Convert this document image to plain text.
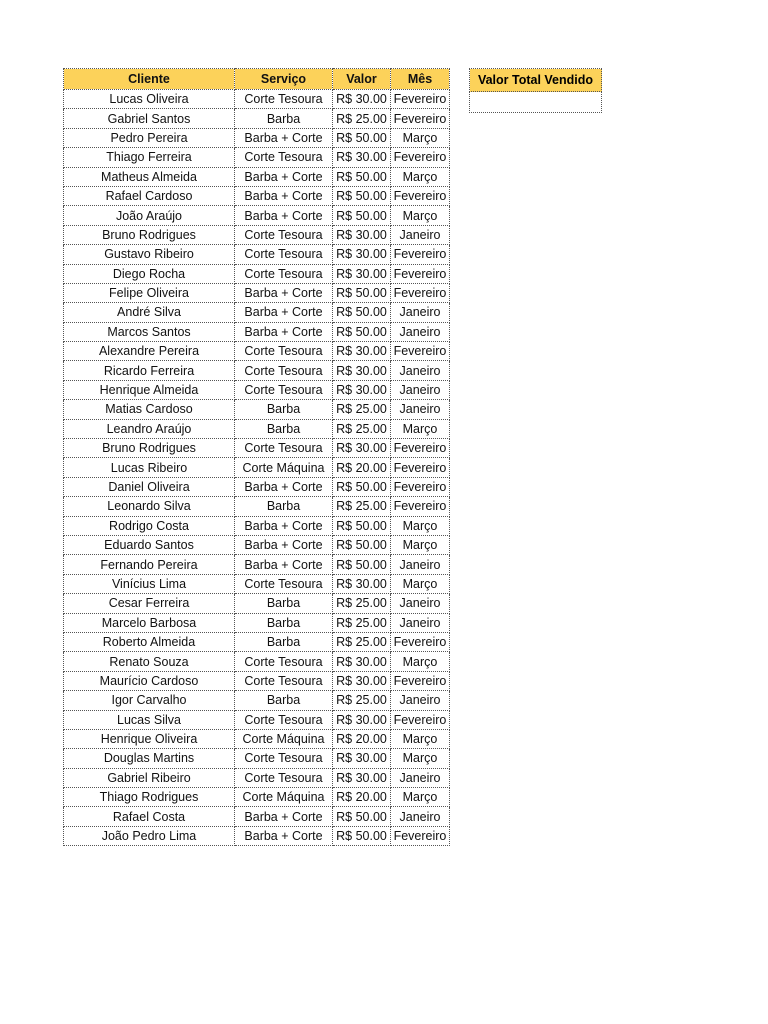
Cliente	Serviço	Valor	Mês
Lucas Oliveira	Corte Tesoura	R$ 30.00	Fevereiro
Gabriel Santos	Barba	R$ 25.00	Fevereiro
Pedro Pereira	Barba + Corte	R$ 50.00	Março
Thiago Ferreira	Corte Tesoura	R$ 30.00	Fevereiro
Matheus Almeida	Barba + Corte	R$ 50.00	Março
Rafael Cardoso	Barba + Corte	R$ 50.00	Fevereiro
João Araújo	Barba + Corte	R$ 50.00	Março
Bruno Rodrigues	Corte Tesoura	R$ 30.00	Janeiro
Gustavo Ribeiro	Corte Tesoura	R$ 30.00	Fevereiro
Diego Rocha	Corte Tesoura	R$ 30.00	Fevereiro
Felipe Oliveira	Barba + Corte	R$ 50.00	Fevereiro
André Silva	Barba + Corte	R$ 50.00	Janeiro
Marcos Santos	Barba + Corte	R$ 50.00	Janeiro
Alexandre Pereira	Corte Tesoura	R$ 30.00	Fevereiro
Ricardo Ferreira	Corte Tesoura	R$ 30.00	Janeiro
Henrique Almeida	Corte Tesoura	R$ 30.00	Janeiro
Matias Cardoso	Barba	R$ 25.00	Janeiro
Leandro Araújo	Barba	R$ 25.00	Março
Bruno Rodrigues	Corte Tesoura	R$ 30.00	Fevereiro
Lucas Ribeiro	Corte Máquina	R$ 20.00	Fevereiro
Daniel Oliveira	Barba + Corte	R$ 50.00	Fevereiro
Leonardo Silva	Barba	R$ 25.00	Fevereiro
Rodrigo Costa	Barba + Corte	R$ 50.00	Março
Eduardo Santos	Barba + Corte	R$ 50.00	Março
Fernando Pereira	Barba + Corte	R$ 50.00	Janeiro
Vinícius Lima	Corte Tesoura	R$ 30.00	Março
Cesar Ferreira	Barba	R$ 25.00	Janeiro
Marcelo Barbosa	Barba	R$ 25.00	Janeiro
Roberto Almeida	Barba	R$ 25.00	Fevereiro
Renato Souza	Corte Tesoura	R$ 30.00	Março
Maurício Cardoso	Corte Tesoura	R$ 30.00	Fevereiro
Igor Carvalho	Barba	R$ 25.00	Janeiro
Lucas Silva	Corte Tesoura	R$ 30.00	Fevereiro
Henrique Oliveira	Corte Máquina	R$ 20.00	Março
Douglas Martins	Corte Tesoura	R$ 30.00	Março
Gabriel Ribeiro	Corte Tesoura	R$ 30.00	Janeiro
Thiago Rodrigues	Corte Máquina	R$ 20.00	Março
Rafael Costa	Barba + Corte	R$ 50.00	Janeiro
João Pedro Lima	Barba + Corte	R$ 50.00	Fevereiro
Valor Total Vendido
